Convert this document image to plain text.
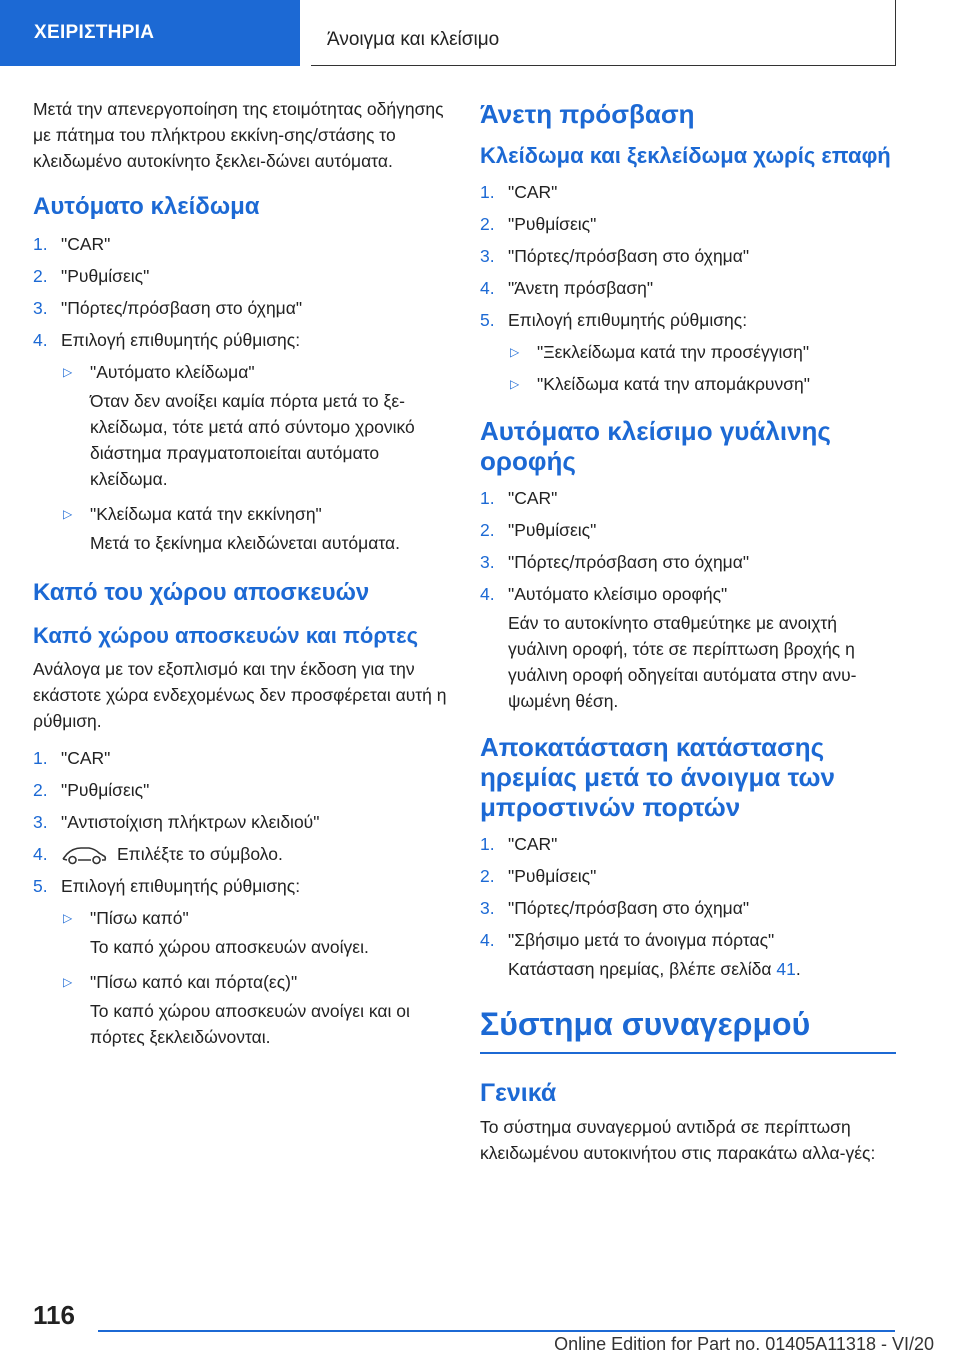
ΧΕΙΡΙΣΤΗΡΙΑ	Άνοιγμα και κλείσιμο

Μετά την απενεργοποίηση της ετοιμότητας οδήγησης με πάτημα του πλήκτρου εκκίνη-σης/στάσης το κλειδωμένο αυτοκίνητο ξεκλει-δώνει αυτόματα.

Αυτόματο κλείδωμα
1. "CAR"
2. "Ρυθμίσεις"
3. "Πόρτες/πρόσβαση στο όχημα"
4. Επιλογή επιθυμητής ρύθμισης:
▷	"Αυτόματο κλείδωμα"

Όταν δεν ανοίξει καμία πόρτα μετά το ξε-κλείδωμα, τότε μετά από σύντομο χρονικό διάστημα πραγματοποιείται αυτόματο κλείδωμα.

▷	"Κλείδωμα κατά την εκκίνηση"

Μετά το ξεκίνημα κλειδώνεται αυτόματα.

Καπό του χώρου αποσκευών
Καπό χώρου αποσκευών και πόρτες

Ανάλογα με τον εξοπλισμό και την έκδοση για την εκάστοτε χώρα ενδεχομένως δεν προσφέρεται αυτή η ρύθμιση.

1. "CAR"
2. "Ρυθμίσεις"
3. "Αντιστοίχιση πλήκτρων κλειδιού"
4.	Επιλέξτε το σύμβολο.
5. Επιλογή επιθυμητής ρύθμισης:
▷	"Πίσω καπό"

Το καπό χώρου αποσκευών ανοίγει.

▷	"Πίσω καπό και πόρτα(ες)"

Το καπό χώρου αποσκευών ανοίγει και οι πόρτες ξεκλειδώνονται.

Άνετη πρόσβαση
Κλείδωμα και ξεκλείδωμα χωρίς επαφή
1. "CAR"
2. "Ρυθμίσεις"
3. "Πόρτες/πρόσβαση στο όχημα"
4. "Άνετη πρόσβαση"
5. Επιλογή επιθυμητής ρύθμισης:
▷	"Ξεκλείδωμα κατά την προσέγγιση"
▷	"Κλείδωμα κατά την απομάκρυνση"
Αυτόματο κλείσιμο γυάλινης οροφής
1. "CAR"
2. "Ρυθμίσεις"
3. "Πόρτες/πρόσβαση στο όχημα"
4. "Αυτόματο κλείσιμο οροφής"

Εάν το αυτοκίνητο σταθμεύτηκε με ανοιχτή γυάλινη οροφή, τότε σε περίπτωση βροχής η γυάλινη οροφή οδηγείται αυτόματα στην ανυ-ψωμένη θέση.

Αποκατάσταση κατάστασης ηρεμίας μετά το άνοιγμα των μπροστινών πορτών
1. "CAR"
2. "Ρυθμίσεις"
3. "Πόρτες/πρόσβαση στο όχημα"
4. "Σβήσιμο μετά το άνοιγμα πόρτας"

Κατάσταση ηρεμίας, βλέπε σελίδα 41.

Σύστημα συναγερμού
Γενικά

Το σύστημα συναγερμού αντιδρά σε περίπτωση κλειδωμένου αυτοκινήτου στις παρακάτω αλλα-γές:

116
Online Edition for Part no. 01405A11318 - VI/20
